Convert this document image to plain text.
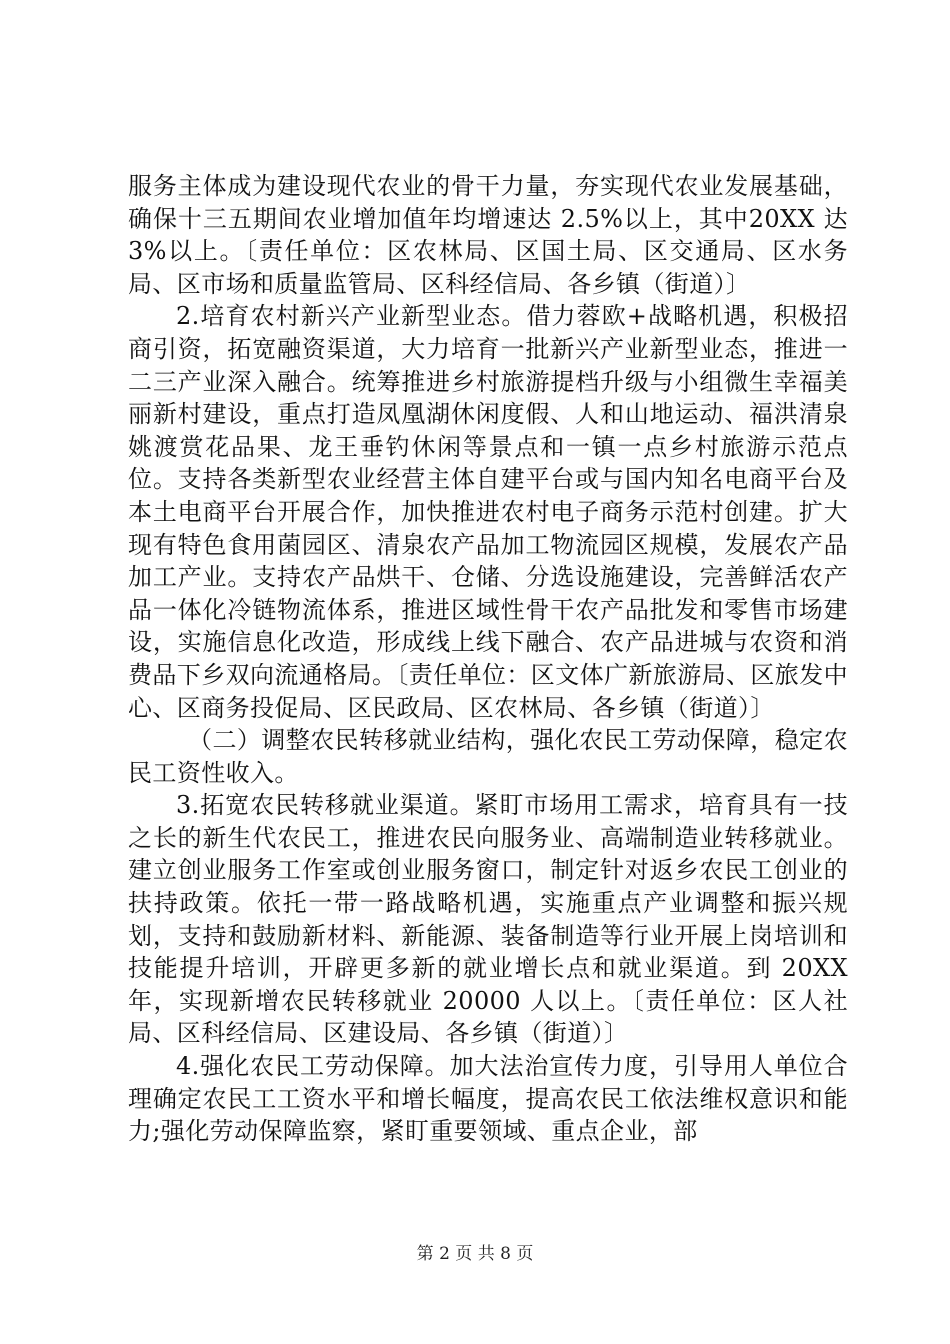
服务主体成为建设现代农业的骨干力量，夯实现代农业发展基础，确保十三五期间农业增加值年均增速达 2.5%以上，其中20XX 达 3%以上。〔责任单位：区农林局、区国土局、区交通局、区水务局、区市场和质量监管局、区科经信局、各乡镇（街道）〕

2.培育农村新兴产业新型业态。借力蓉欧+战略机遇，积极招商引资，拓宽融资渠道，大力培育一批新兴产业新型业态，推进一二三产业深入融合。统筹推进乡村旅游提档升级与小组微生幸福美丽新村建设，重点打造凤凰湖休闲度假、人和山地运动、福洪清泉姚渡赏花品果、龙王垂钓休闲等景点和一镇一点乡村旅游示范点位。支持各类新型农业经营主体自建平台或与国内知名电商平台及本土电商平台开展合作，加快推进农村电子商务示范村创建。扩大现有特色食用菌园区、清泉农产品加工物流园区规模，发展农产品加工产业。支持农产品烘干、仓储、分选设施建设，完善鲜活农产品一体化冷链物流体系，推进区域性骨干农产品批发和零售市场建设，实施信息化改造，形成线上线下融合、农产品进城与农资和消费品下乡双向流通格局。〔责任单位：区文体广新旅游局、区旅发中心、区商务投促局、区民政局、区农林局、各乡镇（街道）〕

（二）调整农民转移就业结构，强化农民工劳动保障，稳定农民工资性收入。

3.拓宽农民转移就业渠道。紧盯市场用工需求，培育具有一技之长的新生代农民工，推进农民向服务业、高端制造业转移就业。建立创业服务工作室或创业服务窗口，制定针对返乡农民工创业的扶持政策。依托一带一路战略机遇，实施重点产业调整和振兴规划，支持和鼓励新材料、新能源、装备制造等行业开展上岗培训和技能提升培训，开辟更多新的就业增长点和就业渠道。到 20XX 年，实现新增农民转移就业 20000 人以上。〔责任单位：区人社局、区科经信局、区建设局、各乡镇（街道）〕

4.强化农民工劳动保障。加大法治宣传力度，引导用人单位合理确定农民工工资水平和增长幅度，提高农民工依法维权意识和能力;强化劳动保障监察，紧盯重要领域、重点企业，部

第 2 页 共 8 页
